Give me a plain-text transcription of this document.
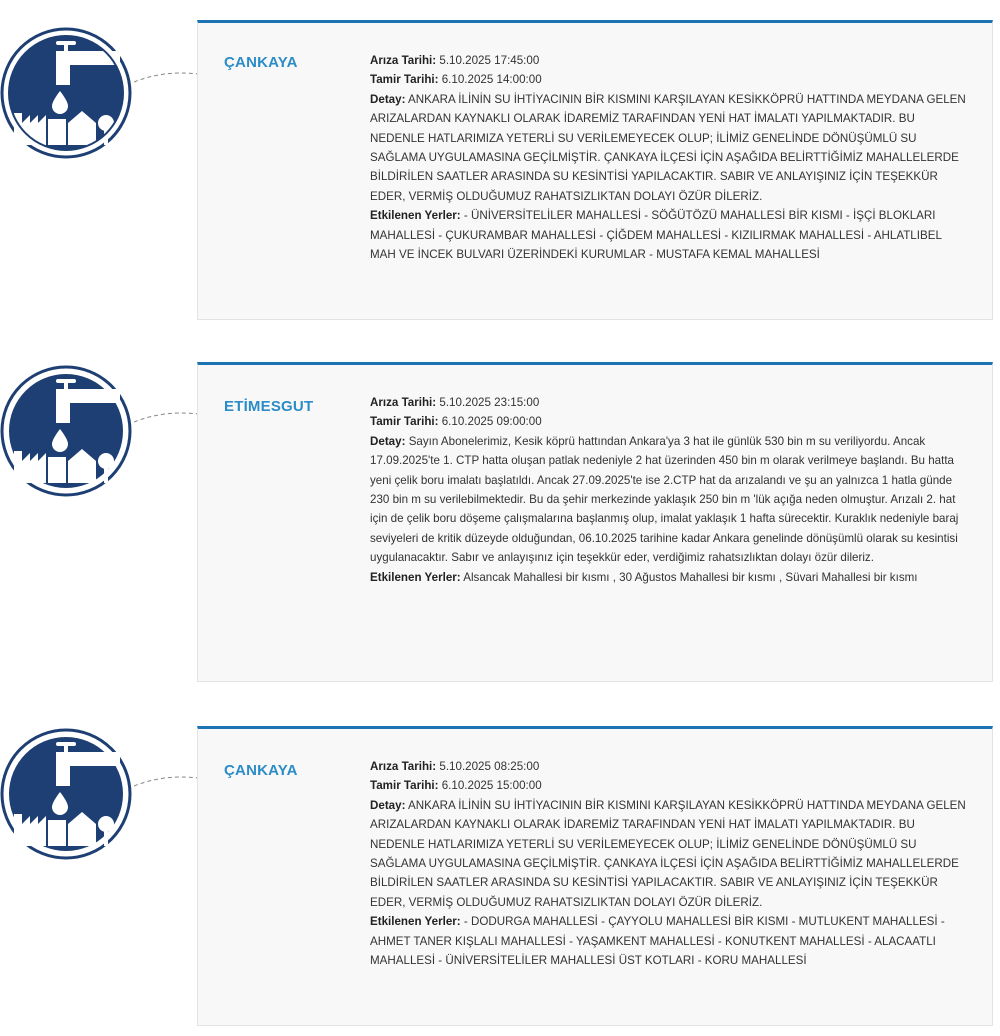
ÇANKAYA	Arıza Tarihi: 5.10.2025 17:45:00

Tamir Tarihi: 6.10.2025 14:00:00

Detay: ANKARA İLİNİN SU İHTİYACININ BİR KISMINI KARŞILAYAN KESİKKÖPRÜ HATTINDA MEYDANA GELEN ARIZALARDAN KAYNAKLI OLARAK İDAREMİZ TARAFINDAN YENİ HAT İMALATI YAPILMAKTADIR. BU NEDENLE HATLARIMIZA YETERLİ SU VERİLEMEYECEK OLUP; İLİMİZ GENELİNDE DÖNÜŞÜMLÜ SU SAĞLAMA UYGULAMASINA GEÇİLMİŞTİR. ÇANKAYA İLÇESİ İÇİN AŞAĞIDA BELİRTTİĞİMİZ MAHALLELERDE BİLDİRİLEN SAATLER ARASINDA SU KESİNTİSİ YAPILACAKTIR. SABIR VE ANLAYIŞINIZ İÇİN TEŞEKKÜR EDER, VERMİŞ OLDUĞUMUZ RAHATSIZLIKTAN DOLAYI ÖZÜR DİLERİZ.

Etkilenen Yerler: - ÜNİVERSİTELİLER MAHALLESİ - SÖĞÜTÖZÜ MAHALLESİ BİR KISMI - İŞÇİ BLOKLARI MAHALLESİ - ÇUKURAMBAR MAHALLESİ - ÇİĞDEM MAHALLESİ - KIZILIRMAK MAHALLESİ - AHLATLIBEL MAH VE İNCEK BULVARI ÜZERİNDEKİ KURUMLAR - MUSTAFA KEMAL MAHALLESİ

ETİMESGUT	Arıza Tarihi: 5.10.2025 23:15:00

Tamir Tarihi: 6.10.2025 09:00:00

Detay: Sayın Abonelerimiz, Kesik köprü hattından Ankara'ya 3 hat ile günlük 530 bin m su veriliyordu. Ancak 17.09.2025'te 1. CTP hatta oluşan patlak nedeniyle 2 hat üzerinden 450 bin m olarak verilmeye başlandı. Bu hatta yeni çelik boru imalatı başlatıldı. Ancak 27.09.2025'te ise 2.CTP hat da arızalandı ve şu an yalnızca 1 hatla günde 230 bin m su verilebilmektedir. Bu da şehir merkezinde yaklaşık 250 bin m 'lük açığa neden olmuştur. Arızalı 2. hat için de çelik boru döşeme çalışmalarına başlanmış olup, imalat yaklaşık 1 hafta sürecektir. Kuraklık nedeniyle baraj seviyeleri de kritik düzeyde olduğundan, 06.10.2025 tarihine kadar Ankara genelinde dönüşümlü olarak su kesintisi uygulanacaktır. Sabır ve anlayışınız için teşekkür eder, verdiğimiz rahatsızlıktan dolayı özür dileriz.

Etkilenen Yerler: Alsancak Mahallesi bir kısmı , 30 Ağustos Mahallesi bir kısmı , Süvari Mahallesi bir kısmı

ÇANKAYA	Arıza Tarihi: 5.10.2025 08:25:00

Tamir Tarihi: 6.10.2025 15:00:00

Detay: ANKARA İLİNİN SU İHTİYACININ BİR KISMINI KARŞILAYAN KESİKKÖPRÜ HATTINDA MEYDANA GELEN ARIZALARDAN KAYNAKLI OLARAK İDAREMİZ TARAFINDAN YENİ HAT İMALATI YAPILMAKTADIR. BU NEDENLE HATLARIMIZA YETERLİ SU VERİLEMEYECEK OLUP; İLİMİZ GENELİNDE DÖNÜŞÜMLÜ SU SAĞLAMA UYGULAMASINA GEÇİLMİŞTİR. ÇANKAYA İLÇESİ İÇİN AŞAĞIDA BELİRTTİĞİMİZ MAHALLELERDE BİLDİRİLEN SAATLER ARASINDA SU KESİNTİSİ YAPILACAKTIR. SABIR VE ANLAYIŞINIZ İÇİN TEŞEKKÜR EDER, VERMİŞ OLDUĞUMUZ RAHATSIZLIKTAN DOLAYI ÖZÜR DİLERİZ.

Etkilenen Yerler: - DODURGA MAHALLESİ - ÇAYYOLU MAHALLESİ BİR KISMI - MUTLUKENT MAHALLESİ - AHMET TANER KIŞLALI MAHALLESİ - YAŞAMKENT MAHALLESİ - KONUTKENT MAHALLESİ - ALACAATLI MAHALLESİ - ÜNİVERSİTELİLER MAHALLESİ ÜST KOTLARI - KORU MAHALLESİ
